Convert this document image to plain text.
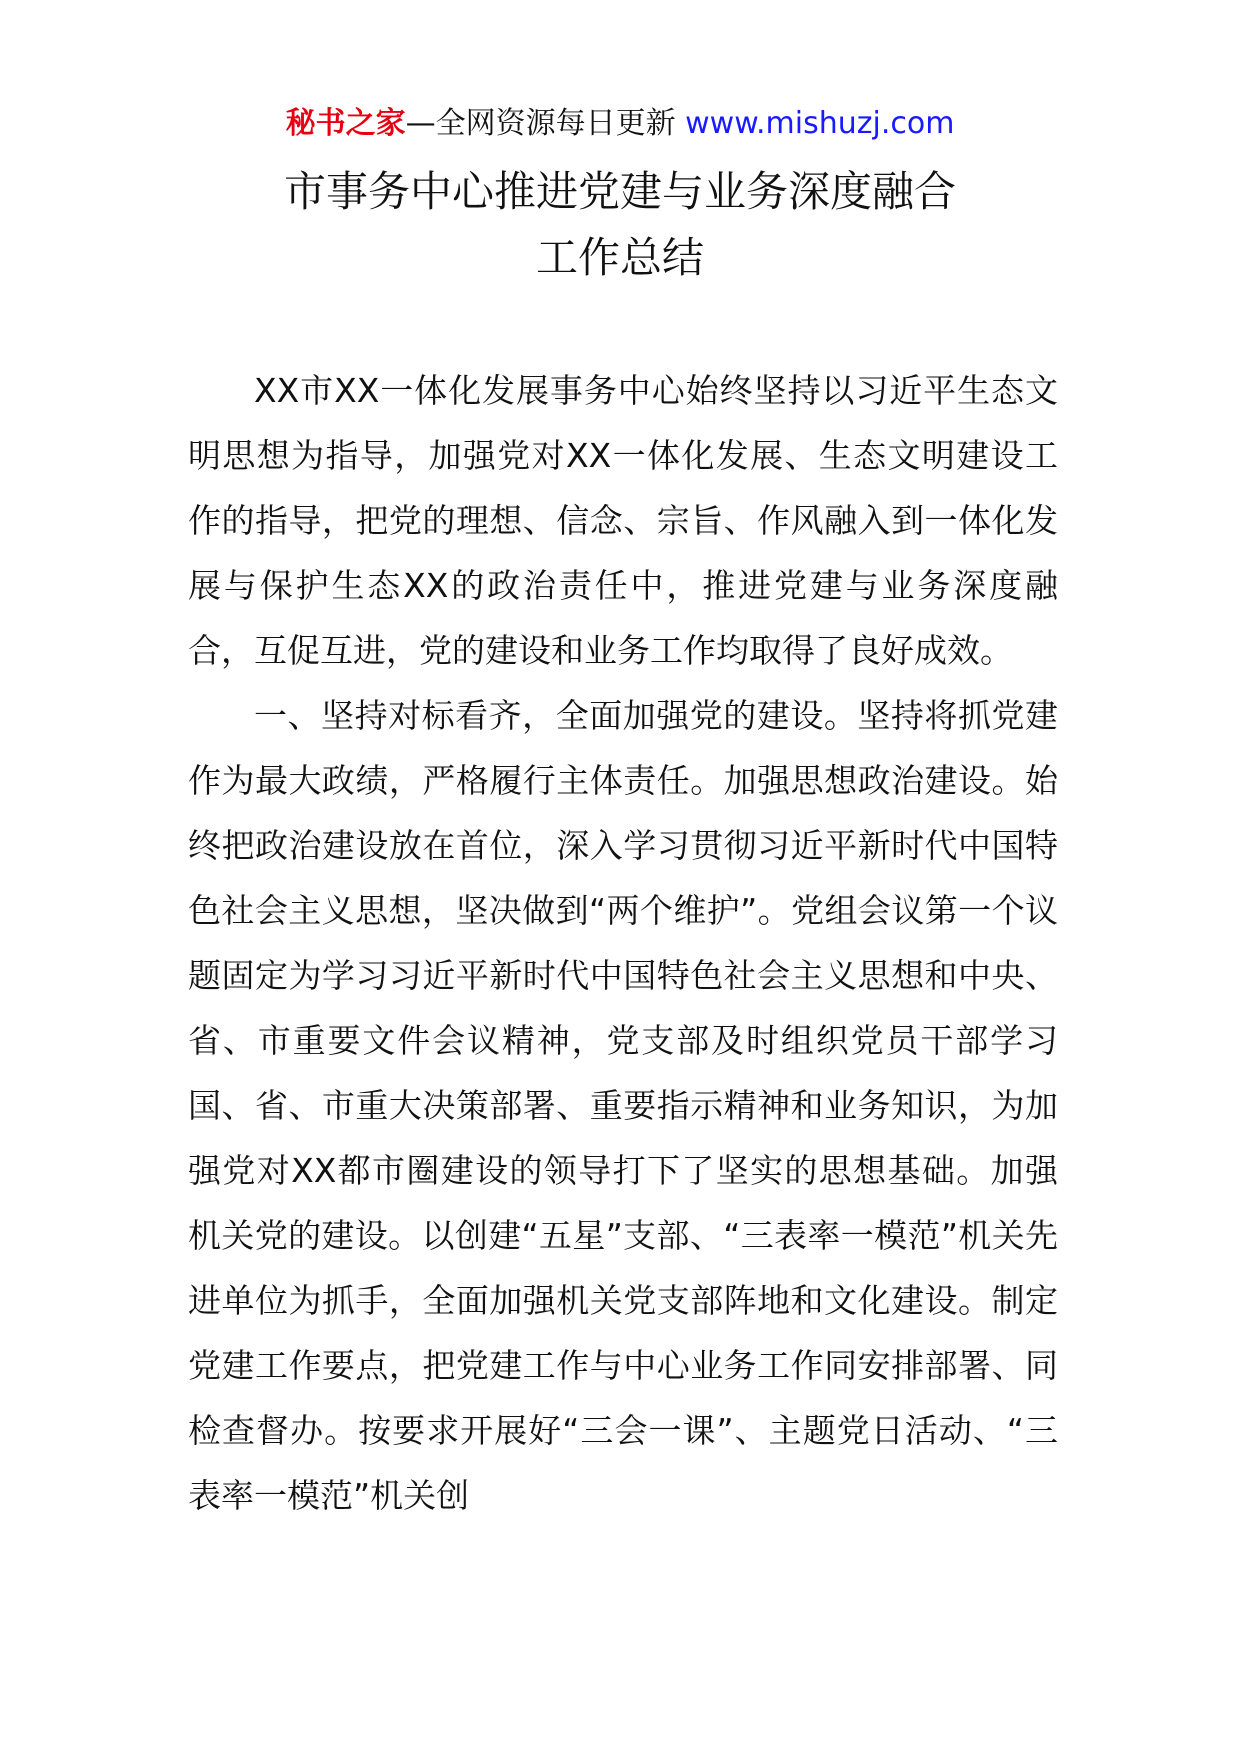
秘书之家—全网资源每日更新 www.mishuzj.com
市事务中心推进党建与业务深度融合
工作总结

XX市XX一体化发展事务中心始终坚持以习近平生态文明思想为指导，加强党对XX一体化发展、生态文明建设工作的指导，把党的理想、信念、宗旨、作风融入到一体化发展与保护生态XX的政治责任中，推进党建与业务深度融合，互促互进，党的建设和业务工作均取得了良好成效。

一、坚持对标看齐，全面加强党的建设。坚持将抓党建作为最大政绩，严格履行主体责任。加强思想政治建设。始终把政治建设放在首位，深入学习贯彻习近平新时代中国特色社会主义思想，坚决做到“两个维护”。党组会议第一个议题固定为学习习近平新时代中国特色社会主义思想和中央、省、市重要文件会议精神，党支部及时组织党员干部学习国、省、市重大决策部署、重要指示精神和业务知识，为加强党对XX都市圈建设的领导打下了坚实的思想基础。加强机关党的建设。以创建“五星”支部、“三表率一模范”机关先进单位为抓手，全面加强机关党支部阵地和文化建设。制定党建工作要点，把党建工作与中心业务工作同安排部署、同检查督办。按要求开展好“三会一课”、主题党日活动、“三表率一模范”机关创
